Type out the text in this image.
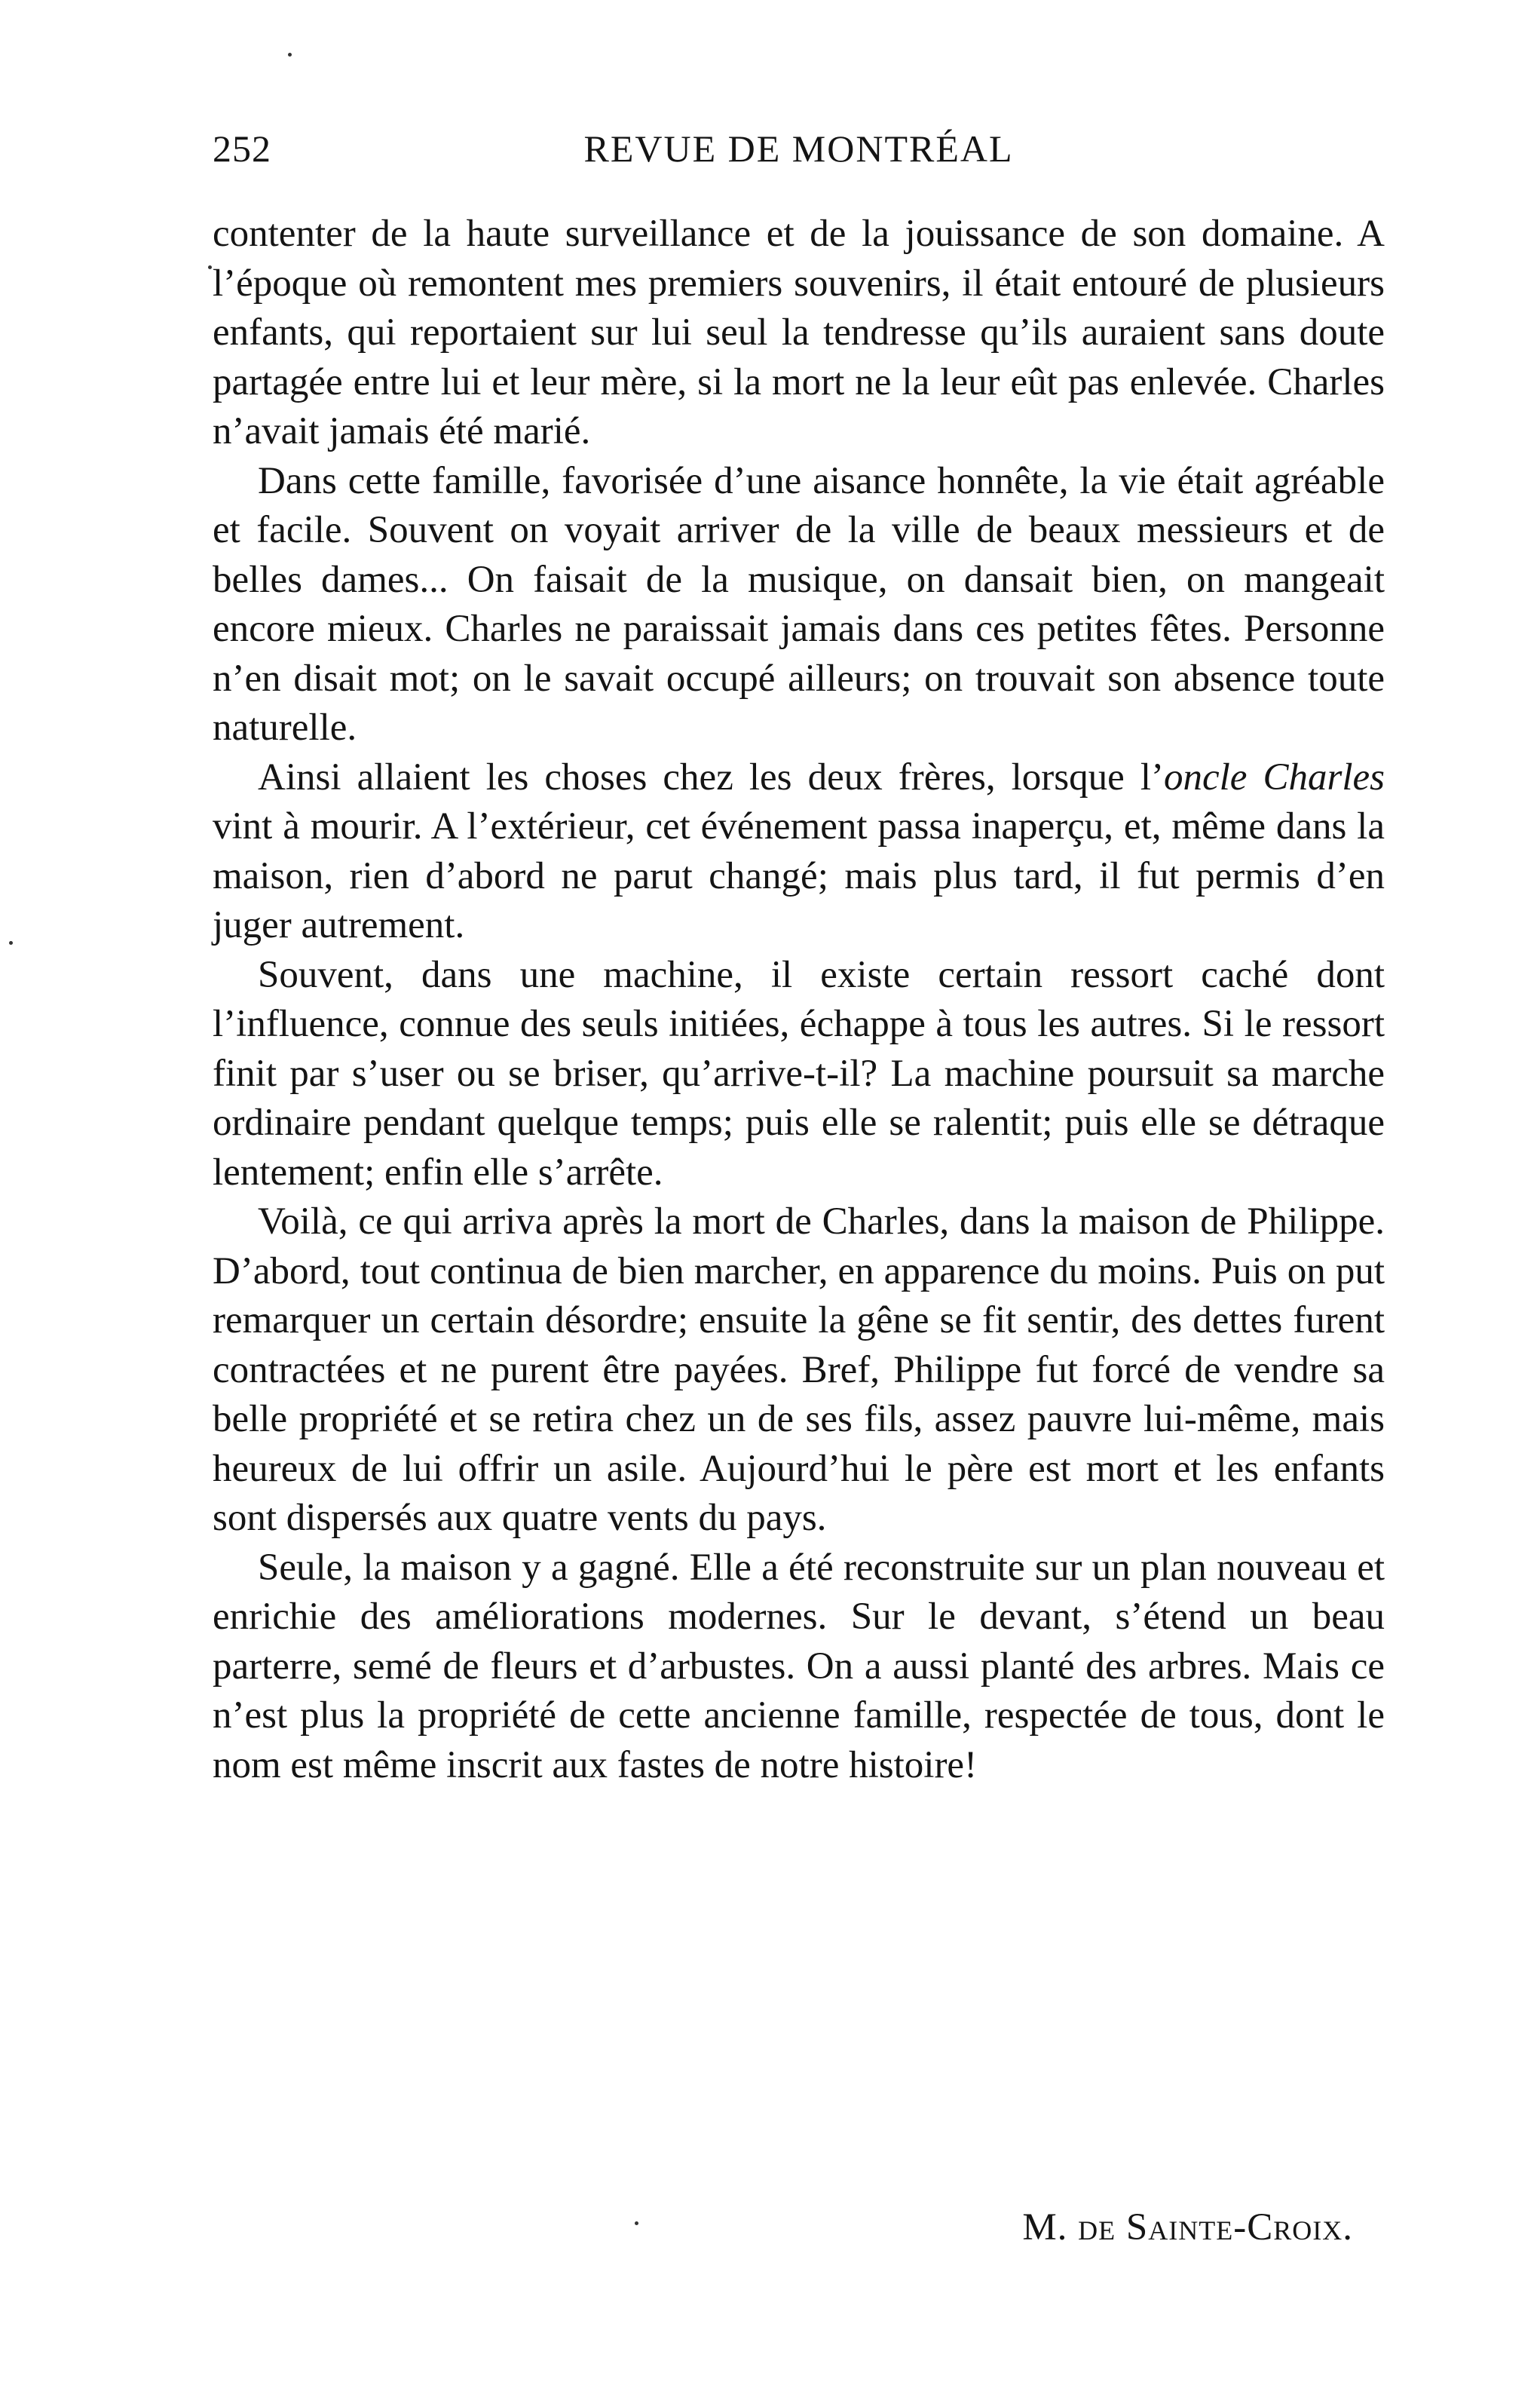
252	REVUE DE MONTRÉAL

contenter de la haute surveillance et de la jouissance de son domaine. A l’époque où remontent mes premiers souvenirs, il était entouré de plusieurs enfants, qui reportaient sur lui seul la tendresse qu’ils auraient sans doute partagée entre lui et leur mère, si la mort ne la leur eût pas enlevée. Charles n’avait jamais été marié.

Dans cette famille, favorisée d’une aisance honnête, la vie était agréable et facile. Souvent on voyait arriver de la ville de beaux messieurs et de belles dames... On faisait de la musique, on dansait bien, on mangeait encore mieux. Charles ne paraissait jamais dans ces petites fêtes. Personne n’en disait mot; on le savait occupé ailleurs; on trouvait son absence toute naturelle.

Ainsi allaient les choses chez les deux frères, lorsque l’oncle Charles vint à mourir. A l’extérieur, cet événement passa inaperçu, et, même dans la maison, rien d’abord ne parut changé; mais plus tard, il fut permis d’en juger autrement.

Souvent, dans une machine, il existe certain ressort caché dont l’influence, connue des seuls initiées, échappe à tous les autres. Si le ressort finit par s’user ou se briser, qu’arrive-t-il? La machine poursuit sa marche ordinaire pendant quelque temps; puis elle se ralentit; puis elle se détraque lentement; enfin elle s’arrête.

Voilà, ce qui arriva après la mort de Charles, dans la maison de Philippe. D’abord, tout continua de bien marcher, en apparence du moins. Puis on put remarquer un certain désordre; ensuite la gêne se fit sentir, des dettes furent contractées et ne purent être payées. Bref, Philippe fut forcé de vendre sa belle propriété et se retira chez un de ses fils, assez pauvre lui-même, mais heureux de lui offrir un asile. Aujourd’hui le père est mort et les enfants sont dispersés aux quatre vents du pays.

Seule, la maison y a gagné. Elle a été reconstruite sur un plan nouveau et enrichie des améliorations modernes. Sur le devant, s’étend un beau parterre, semé de fleurs et d’arbustes. On a aussi planté des arbres. Mais ce n’est plus la propriété de cette ancienne famille, respectée de tous, dont le nom est même inscrit aux fastes de notre histoire!

M. de Sainte-Croix.
